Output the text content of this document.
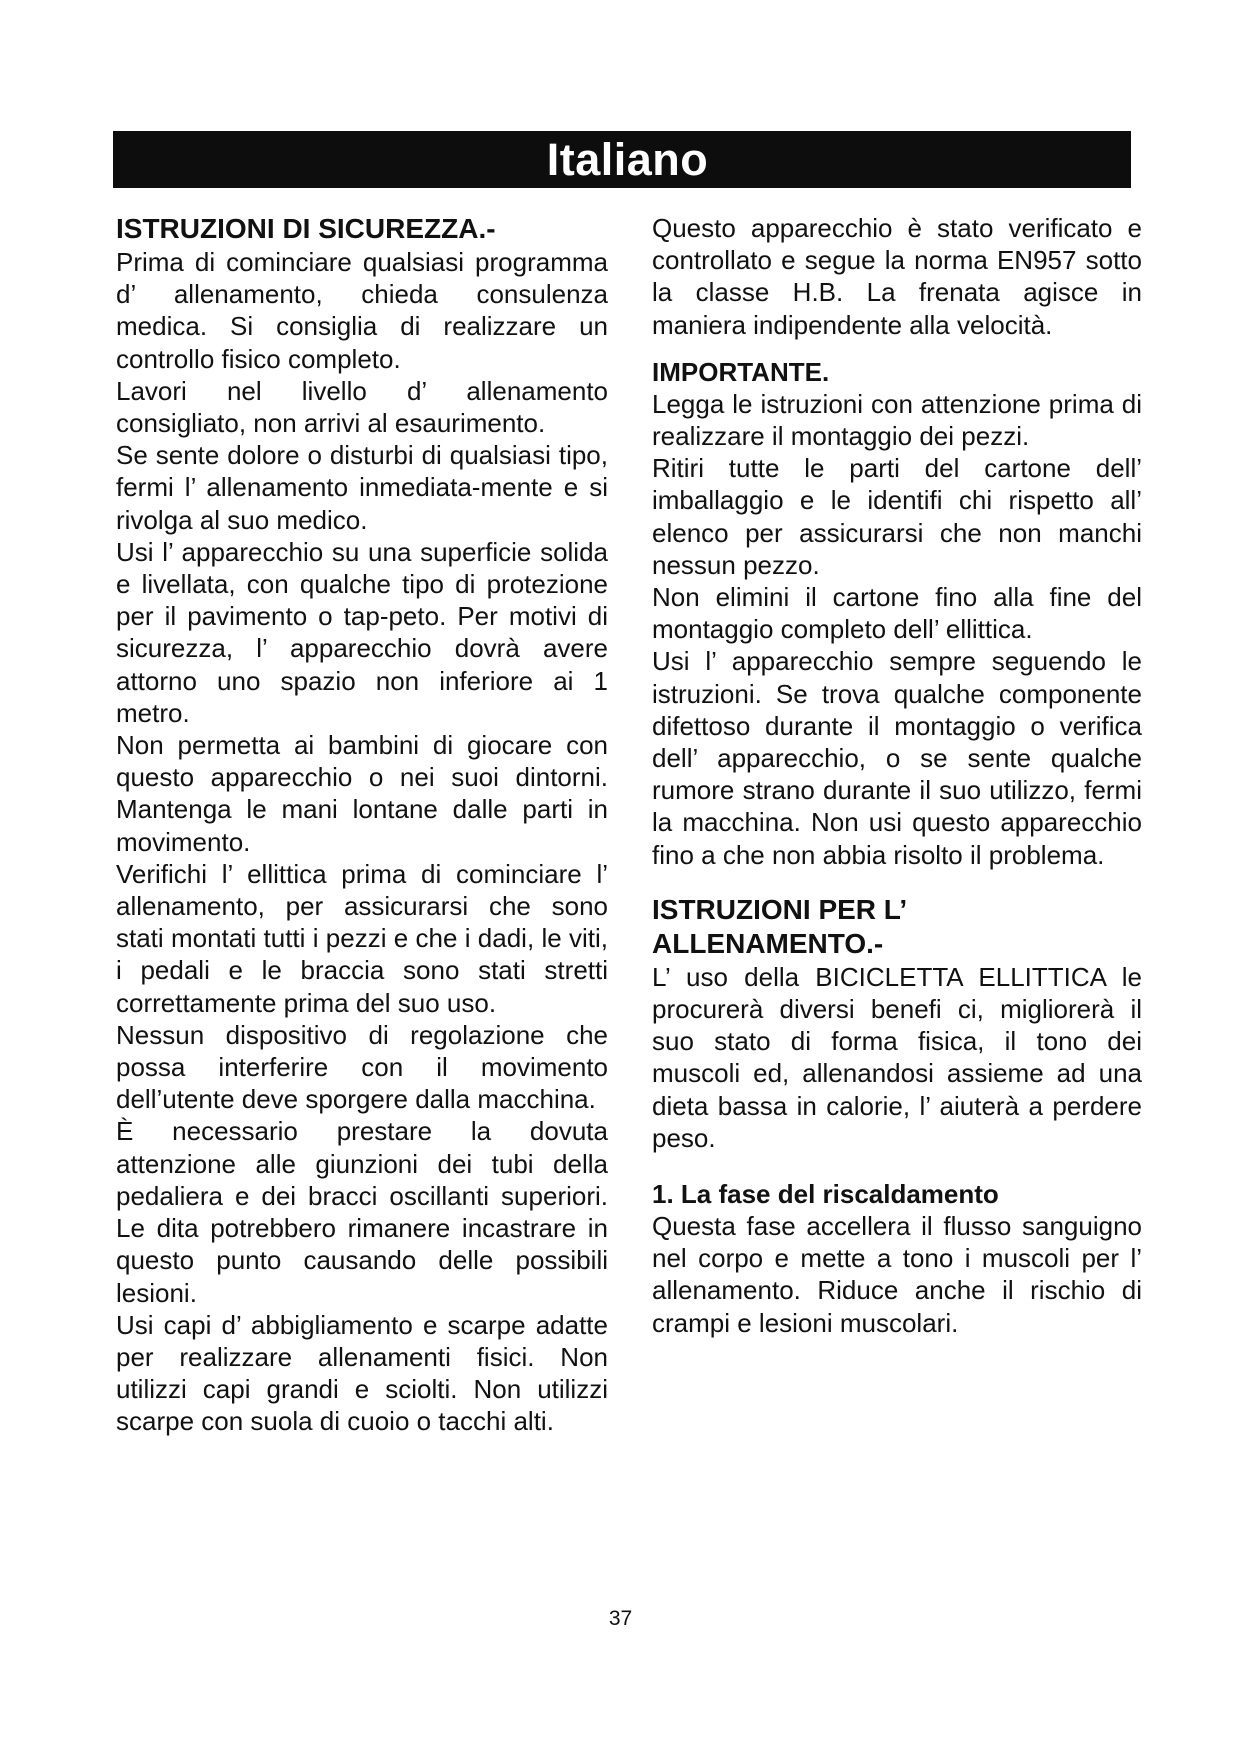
Italiano
ISTRUZIONI DI SICUREZZA.-

Prima di cominciare qualsiasi programma d’ allenamento, chieda consulenza medica. Si consiglia di realizzare un controllo fisico completo.

Lavori nel livello d’ allenamento consigliato, non arrivi al esaurimento.

Se sente dolore o disturbi di qualsiasi tipo, fermi l’ allenamento inmediata-mente e si rivolga al suo medico.

Usi l’ apparecchio su una superficie solida e livellata, con qualche tipo di protezione per il pavimento o tap-peto. Per motivi di sicurezza, l’ apparecchio dovrà avere attorno uno spazio non inferiore ai 1 metro.

Non permetta ai bambini di giocare con questo apparecchio o nei suoi dintorni. Mantenga le mani lontane dalle parti in movimento.

Verifichi l’ ellittica prima di cominciare l’ allenamento, per assicurarsi che sono stati montati tutti i pezzi e che i dadi, le viti, i pedali e le braccia sono stati stretti correttamente prima del suo uso.

Nessun dispositivo di regolazione che possa interferire con il movimento dell’utente deve sporgere dalla macchina.

È necessario prestare la dovuta attenzione alle giunzioni dei tubi della pedaliera e dei bracci oscillanti superiori. Le dita potrebbero rimanere incastrare in questo punto causando delle possibili lesioni.

Usi capi d’ abbigliamento e scarpe adatte per realizzare allenamenti fisici. Non utilizzi capi grandi e sciolti. Non utilizzi scarpe con suola di cuoio o tacchi alti.

Questo apparecchio è stato verificato e controllato e segue la norma EN957 sotto la classe H.B. La frenata agisce in maniera indipendente alla velocità.

IMPORTANTE.

Legga le istruzioni con attenzione prima di realizzare il montaggio dei pezzi.

Ritiri tutte le parti del cartone dell’ imballaggio e le identifi chi rispetto all’ elenco per assicurarsi che non manchi nessun pezzo.

Non elimini il cartone fino alla fine del montaggio completo dell’ ellittica.

Usi l’ apparecchio sempre seguendo le istruzioni. Se trova qualche componente difettoso durante il montaggio o verifica dell’ apparecchio, o se sente qualche rumore strano durante il suo utilizzo, fermi la macchina. Non usi questo apparecchio fino a che non abbia risolto il problema.

ISTRUZIONI PER L’
ALLENAMENTO.-

L’ uso della BICICLETTA ELLITTICA le procurerà diversi benefi ci, migliorerà il suo stato di forma fisica, il tono dei muscoli ed, allenandosi assieme ad una dieta bassa in calorie, l’ aiuterà a perdere peso.

1. La fase del riscaldamento

Questa fase accellera il flusso sanguigno nel corpo e mette a tono i muscoli per l’ allenamento. Riduce anche il rischio di crampi e lesioni muscolari.

37
